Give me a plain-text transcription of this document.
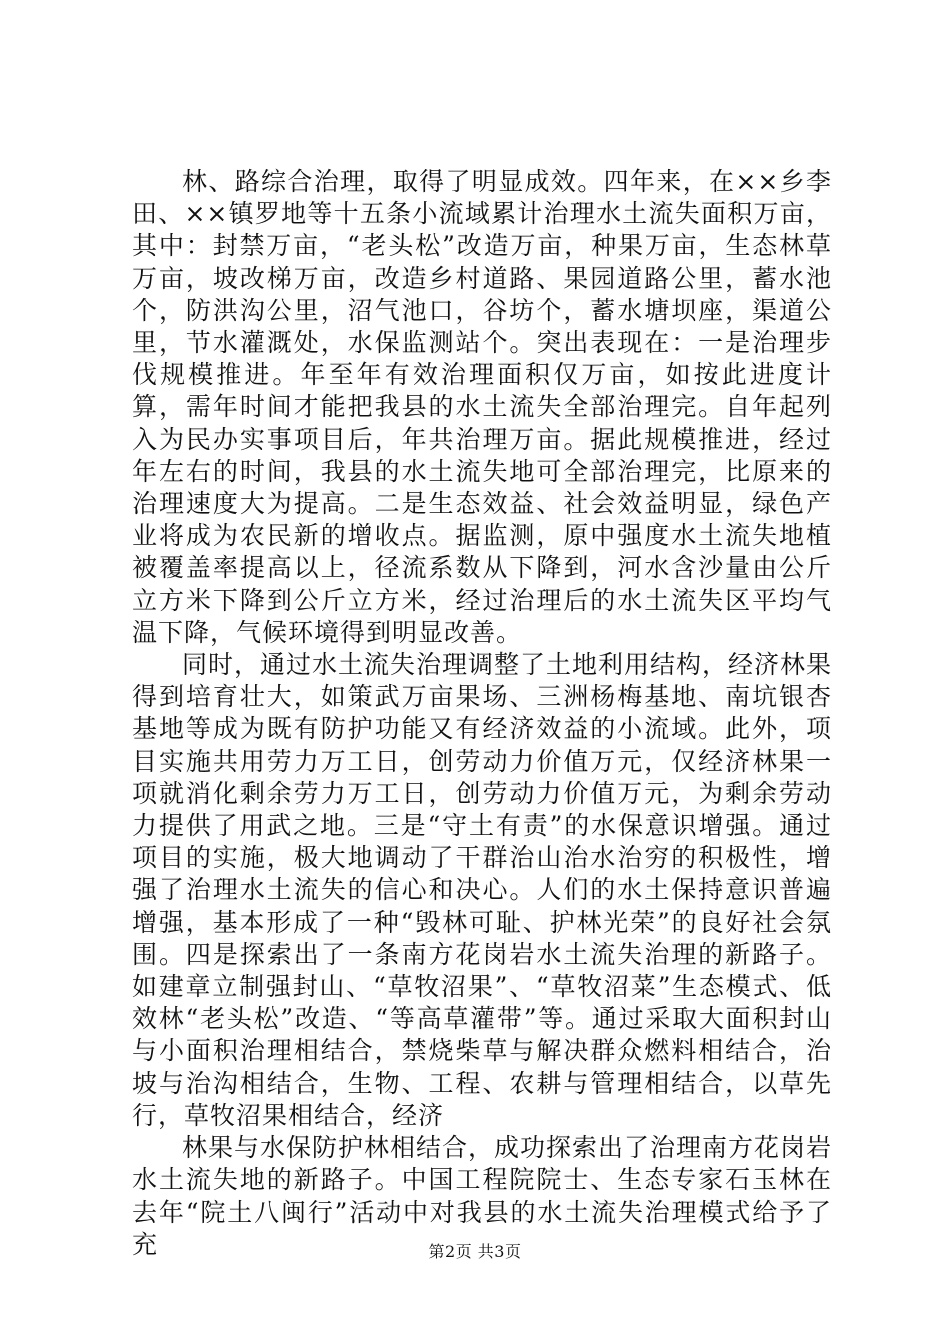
林、路综合治理，取得了明显成效。四年来，在××乡李田、××镇罗地等十五条小流域累计治理水土流失面积万亩，其中：封禁万亩，“老头松”改造万亩，种果万亩，生态林草万亩，坡改梯万亩，改造乡村道路、果园道路公里，蓄水池个，防洪沟公里，沼气池口，谷坊个，蓄水塘坝座，渠道公里，节水灌溉处，水保监测站个。突出表现在：一是治理步伐规模推进。年至年有效治理面积仅万亩，如按此进度计算，需年时间才能把我县的水土流失全部治理完。自年起列入为民办实事项目后，年共治理万亩。据此规模推进，经过年左右的时间，我县的水土流失地可全部治理完，比原来的治理速度大为提高。二是生态效益、社会效益明显，绿色产业将成为农民新的增收点。据监测，原中强度水土流失地植被覆盖率提高以上，径流系数从下降到，河水含沙量由公斤立方米下降到公斤立方米，经过治理后的水土流失区平均气温下降，气候环境得到明显改善。

同时，通过水土流失治理调整了土地利用结构，经济林果得到培育壮大，如策武万亩果场、三洲杨梅基地、南坑银杏基地等成为既有防护功能又有经济效益的小流域。此外，项目实施共用劳力万工日，创劳动力价值万元，仅经济林果一项就消化剩余劳力万工日，创劳动力价值万元，为剩余劳动力提供了用武之地。三是“守土有责”的水保意识增强。通过项目的实施，极大地调动了干群治山治水治穷的积极性，增强了治理水土流失的信心和决心。人们的水土保持意识普遍增强，基本形成了一种“毁林可耻、护林光荣”的良好社会氛围。四是探索出了一条南方花岗岩水土流失治理的新路子。如建章立制强封山、“草牧沼果”、“草牧沼菜”生态模式、低效林“老头松”改造、“等高草灌带”等。通过采取大面积封山与小面积治理相结合，禁烧柴草与解决群众燃料相结合，治坡与治沟相结合，生物、工程、农耕与管理相结合，以草先行，草牧沼果相结合，经济

林果与水保防护林相结合，成功探索出了治理南方花岗岩水土流失地的新路子。中国工程院院士、生态专家石玉林在去年“院土八闽行”活动中对我县的水土流失治理模式给予了充	第2页 共3页
